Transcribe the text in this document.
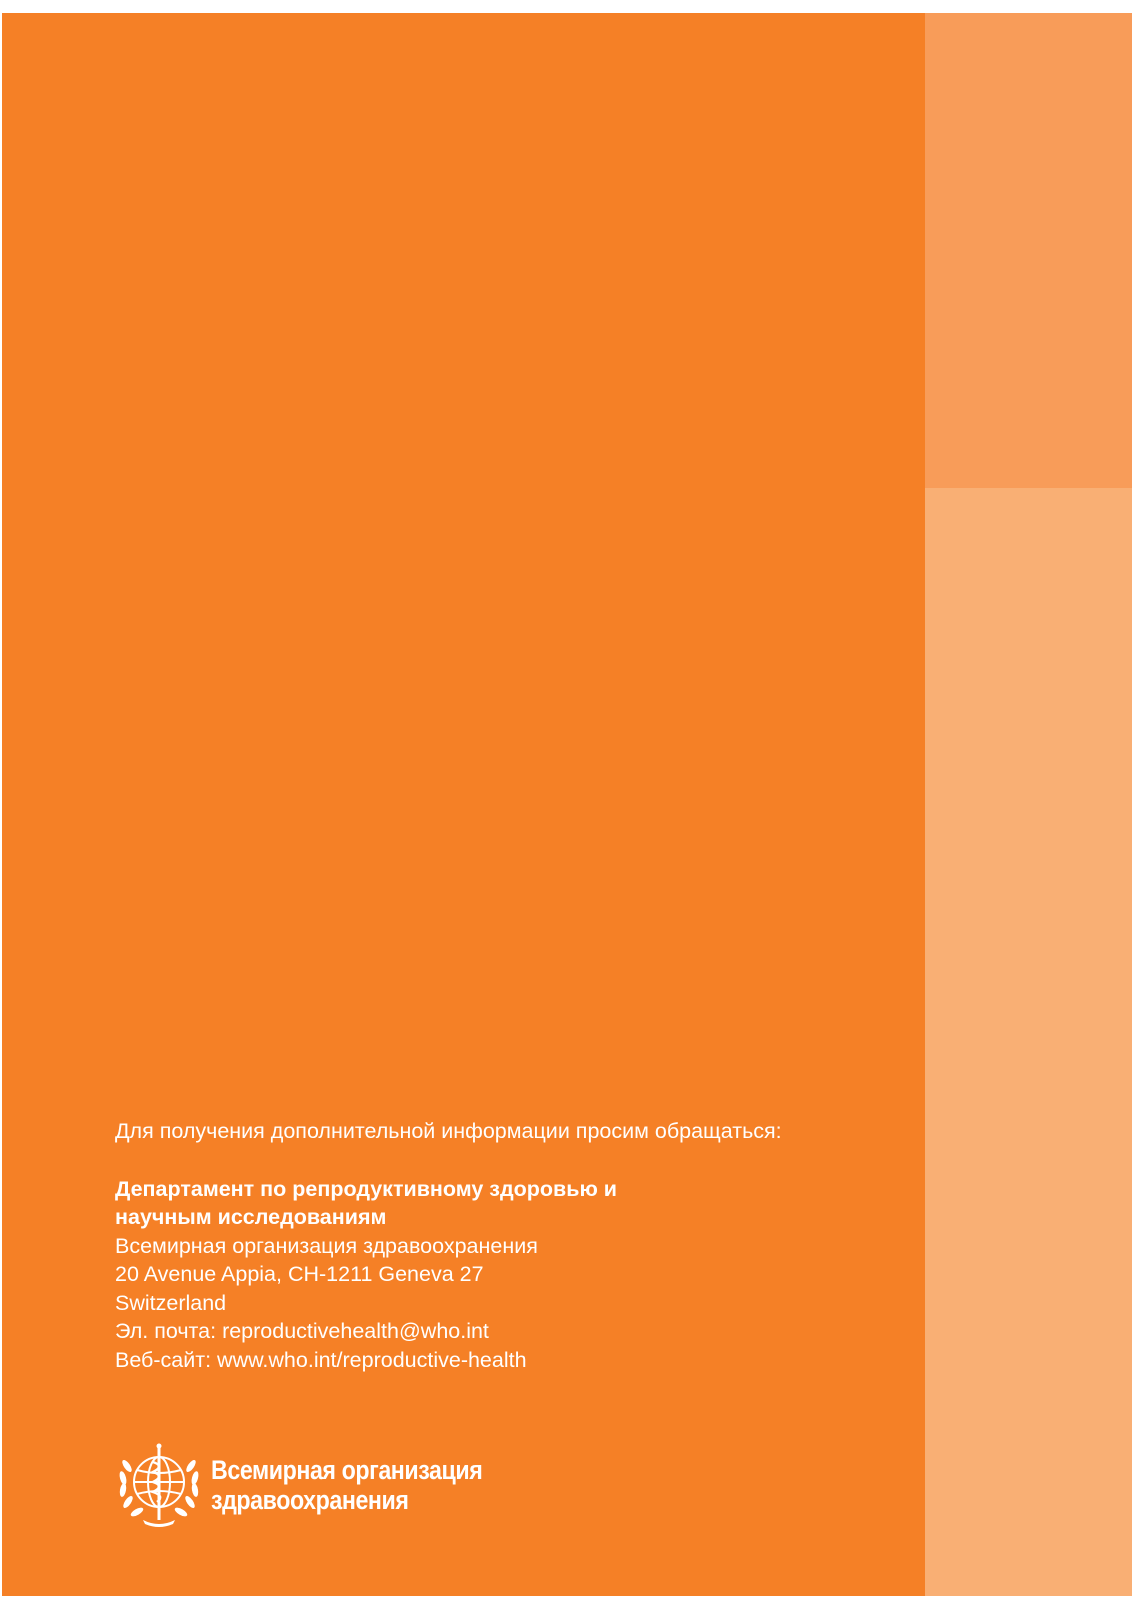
Для получения дополнительной информации просим обращаться:

Департамент по репродуктивному здоровью и

научным исследованиям

Всемирная организация здравоохранения

20 Avenue Appia, CH-1211 Geneva 27

Switzerland

Эл. почта: reproductivehealth@who.int

Веб-сайт: www.who.int/reproductive-health

Всемирная организация
здравоохранения
